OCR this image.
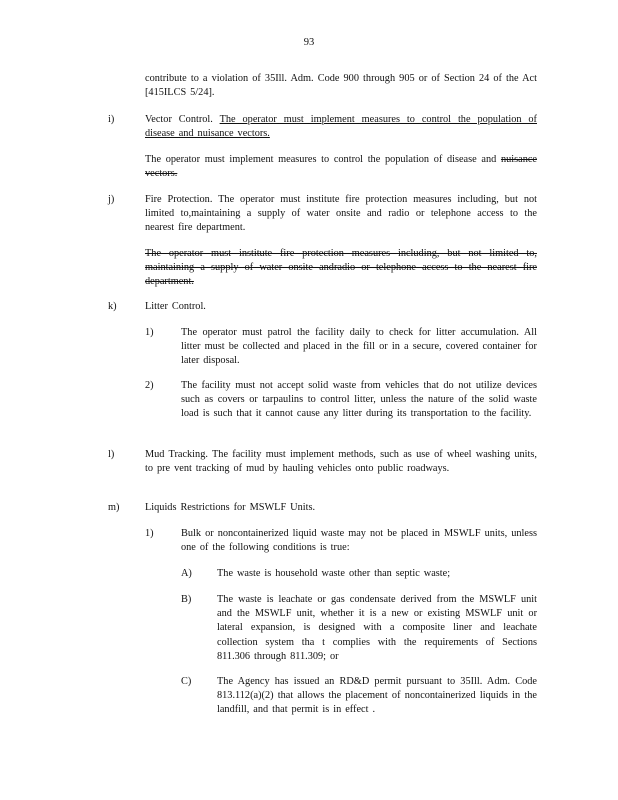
93
contribute to a violation of 35Ill. Adm. Code 900 through 905 or of Section 24 of the Act [415ILCS 5/24].
i)	Vector Control. The operator must implement measures to control the population of disease and nuisance vectors.
The operator must implement measures to control the population of disease and nuisance vectors.
j)	Fire Protection. The operator must institute fire protection measures including, but not limited to,maintaining a supply of water onsite and radio or telephone access to the nearest fire department.
The operator must institute fire protection measures including, but not limited to, maintaining a supply of water onsite andradio or telephone access to the nearest fire department.
k)	Litter Control.
1)	The operator must patrol the facility daily to check for litter accumulation. All litter must be collected and placed in the fill or in a secure, covered container for later disposal.
2)	The facility must not accept solid waste from vehicles that do not utilize devices such as covers or tarpaulins to control litter, unless the nature of the solid waste load is such that it cannot cause any litter during its transportation to the facility.
l)	Mud Tracking. The facility must implement methods, such as use of wheel washing units, to pre vent tracking of mud by hauling vehicles onto public roadways.
m) Liquids Restrictions for MSWLF Units.
1)	Bulk or noncontainerized liquid waste may not be placed in MSWLF units, unless one of the following conditions is true:
A) The waste is household waste other than septic waste;
B) The waste is leachate or gas condensate derived from the MSWLF unit and the MSWLF unit, whether it is a new or existing MSWLF unit or lateral expansion, is designed with a composite liner and leachate collection system tha t complies with the requirements of Sections 811.306 through 811.309; or
C) The Agency has issued an RD&D permit pursuant to 35Ill. Adm. Code 813.112(a)(2) that allows the placement of noncontainerized liquids in the landfill, and that permit is in effect .
